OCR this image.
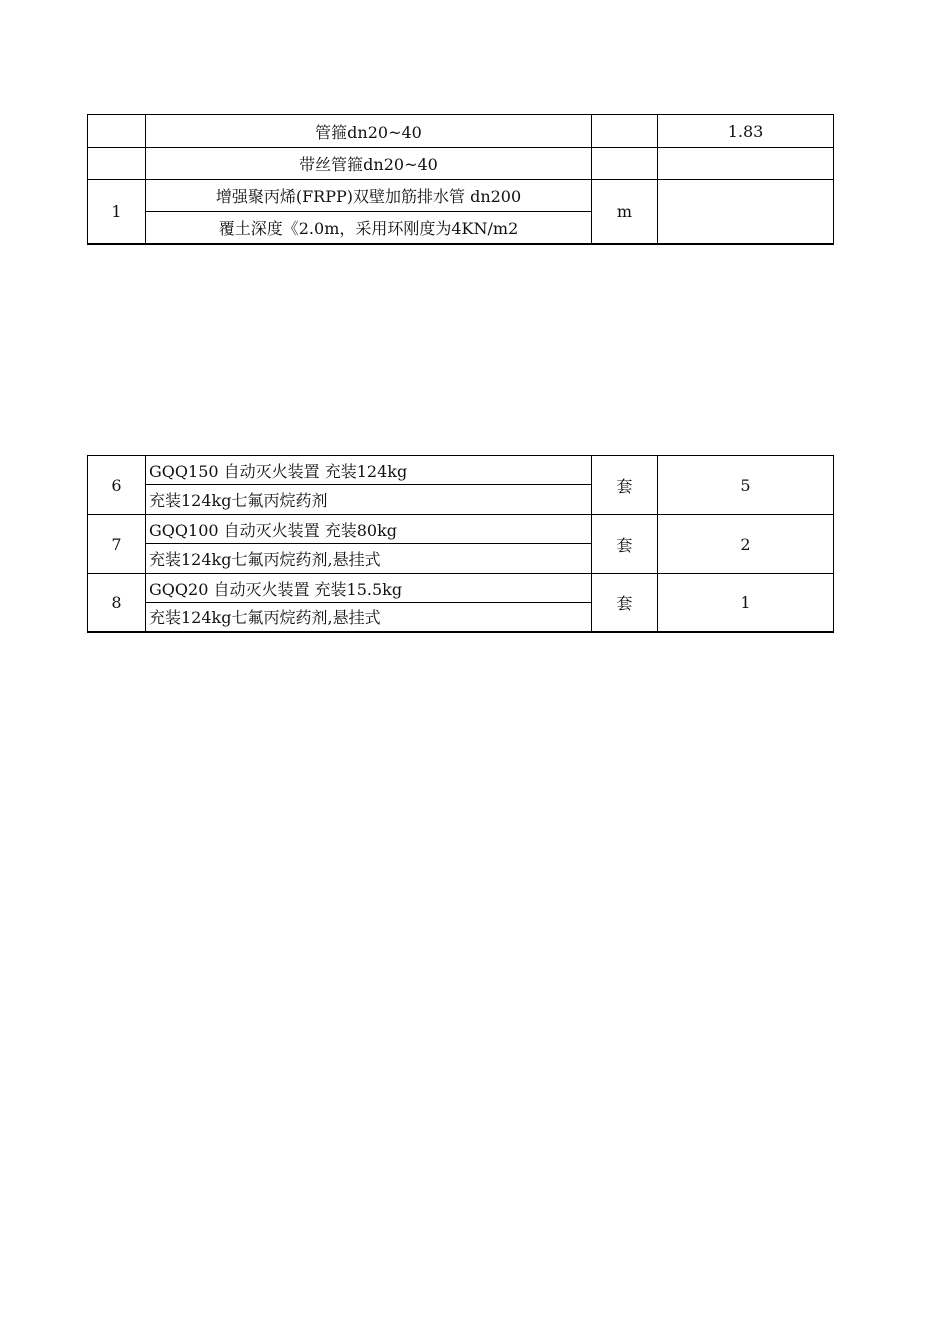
	管箍dn20~40		1.83
	带丝管箍dn20~40		
1	增强聚丙烯(FRPP)双壁加筋排水管 dn200	m	
	覆土深度《2.0m，采用环刚度为4KN/m2		
6	GQQ150 自动灭火装置 充装124kg	套	5
	充装124kg七氟丙烷药剂		
7	GQQ100 自动灭火装置 充装80kg	套	2
	充装124kg七氟丙烷药剂,悬挂式		
8	GQQ20 自动灭火装置 充装15.5kg	套	1
	充装124kg七氟丙烷药剂,悬挂式		
